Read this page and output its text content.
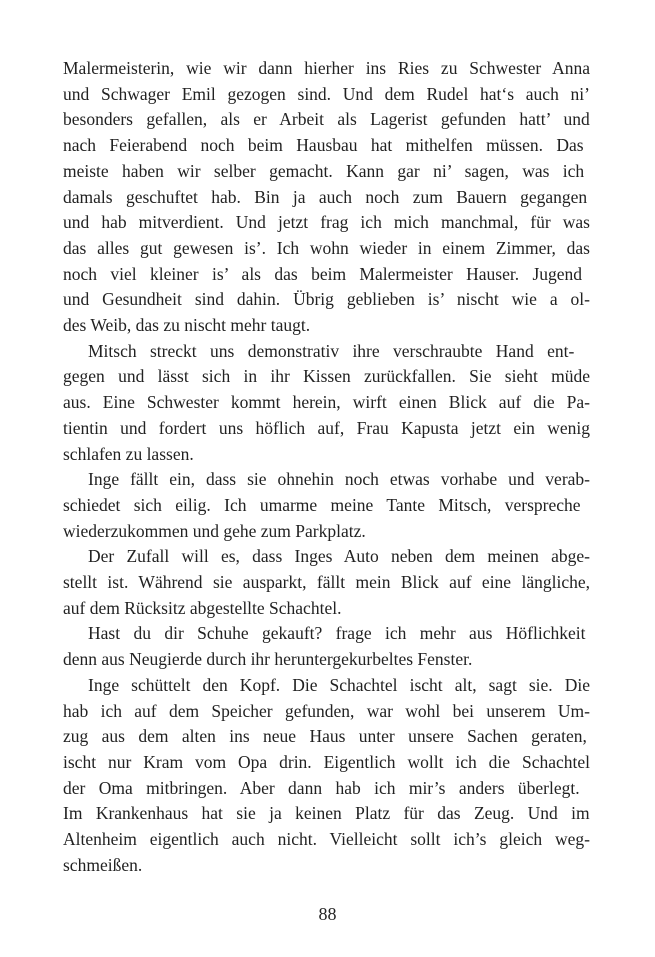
Malermeisterin, wie wir dann hierher ins Ries zu Schwester Anna
und Schwager Emil gezogen sind. Und dem Rudel hat‘s auch ni’
besonders gefallen, als er Arbeit als Lagerist gefunden hatt’ und
nach Feierabend noch beim Hausbau hat mithelfen müssen. Das
meiste haben wir selber gemacht. Kann gar ni’ sagen, was ich
damals geschuftet hab. Bin ja auch noch zum Bauern gegangen
und hab mitverdient. Und jetzt frag ich mich manchmal, für was
das alles gut gewesen is’. Ich wohn wieder in einem Zimmer, das
noch viel kleiner is’ als das beim Malermeister Hauser. Jugend
und Gesundheit sind dahin. Übrig geblieben is’ nischt wie a ol-
des Weib, das zu nischt mehr taugt.
Mitsch streckt uns demonstrativ ihre verschraubte Hand ent-
gegen und lässt sich in ihr Kissen zurückfallen. Sie sieht müde
aus. Eine Schwester kommt herein, wirft einen Blick auf die Pa-
tientin und fordert uns höflich auf, Frau Kapusta jetzt ein wenig
schlafen zu lassen.
Inge fällt ein, dass sie ohnehin noch etwas vorhabe und verab-
schiedet sich eilig. Ich umarme meine Tante Mitsch, verspreche
wiederzukommen und gehe zum Parkplatz.
Der Zufall will es, dass Inges Auto neben dem meinen abge-
stellt ist. Während sie ausparkt, fällt mein Blick auf eine längliche,
auf dem Rücksitz abgestellte Schachtel.
Hast du dir Schuhe gekauft? frage ich mehr aus Höflichkeit
denn aus Neugierde durch ihr heruntergekurbeltes Fenster.
Inge schüttelt den Kopf. Die Schachtel ischt alt, sagt sie. Die
hab ich auf dem Speicher gefunden, war wohl bei unserem Um-
zug aus dem alten ins neue Haus unter unsere Sachen geraten,
ischt nur Kram vom Opa drin. Eigentlich wollt ich die Schachtel
der Oma mitbringen. Aber dann hab ich mir’s anders überlegt.
Im Krankenhaus hat sie ja keinen Platz für das Zeug. Und im
Altenheim eigentlich auch nicht. Vielleicht sollt ich’s gleich weg-
schmeißen.
88
